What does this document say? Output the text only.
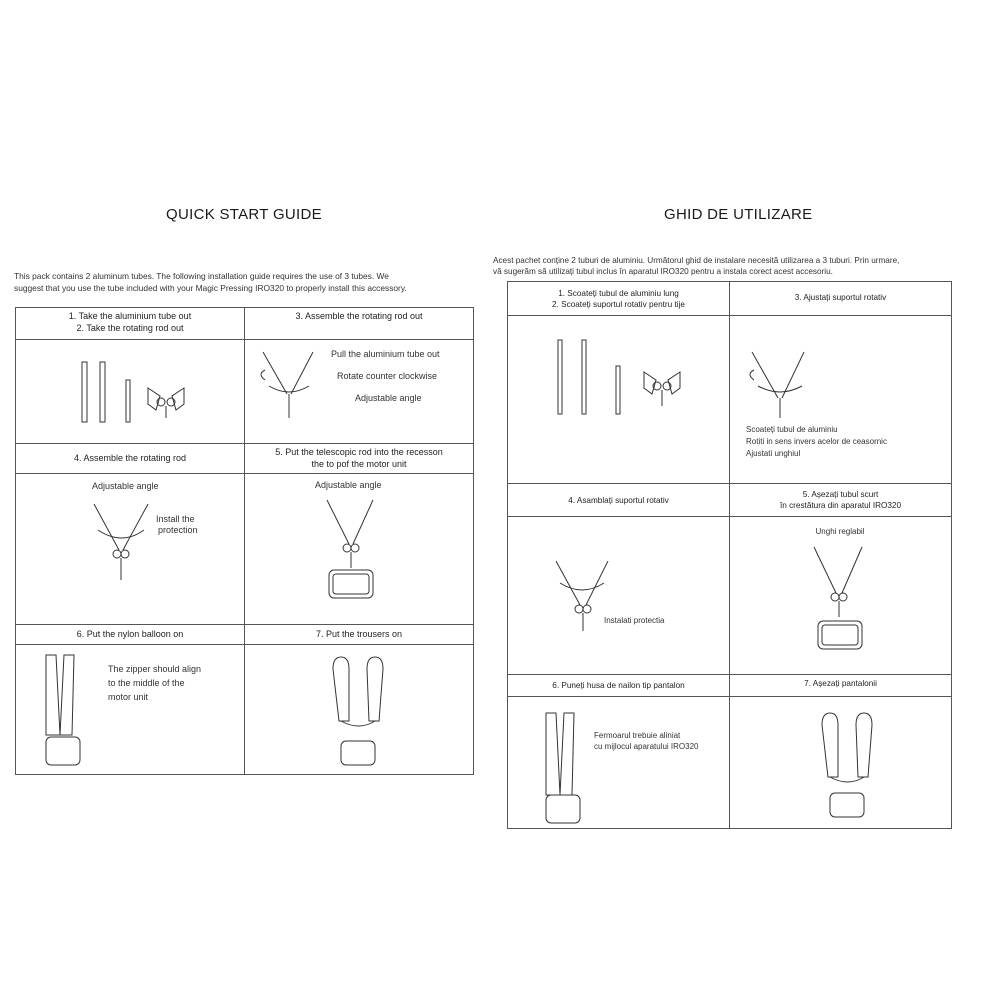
QUICK START GUIDE
This pack contains 2 aluminum tubes. The following installation guide requires the use of 3 tubes. We
suggest that you use the tube included with your Magic Pressing IRO320 to properly install this accessory.
1. Take the aluminium tube out
2. Take the rotating rod out	3. Assemble the rotating rod out

Pull the aluminium tube out
Rotate counter clockwise
Adjustable angle

4. Assemble the rotating rod	5. Put the telescopic rod into the recesson
the to pof the motor unit

Adjustable angle
Install the
protection	Adjustable angle

6. Put the nylon balloon on	7. Put the trousers on

The zipper should align
to the middle of the
motor unit

GHID DE UTILIZARE
Acest pachet conține 2 tuburi de aluminiu. Următorul ghid de instalare necesită utilizarea a 3 tuburi. Prin urmare,
vă sugerăm să utilizați tubul inclus în aparatul IRO320 pentru a instala corect acest accesoriu.
1. Scoateți tubul de aluminiu lung
2. Scoateți suportul rotativ pentru tije	3. Ajustați suportul rotativ

Scoateți tubul de aluminiu
Rotiti in sens invers acelor de ceasornic
Ajustati unghiul

4. Asamblați suportul rotativ	5. Așezați tubul scurt
în crestătura din aparatul IRO320

Instalati protectia	Unghi reglabil

6. Puneți husa de nailon tip pantalon	7. Așezați pantalonii

Fermoarul trebuie aliniat
cu mijlocul aparatului IRO320
